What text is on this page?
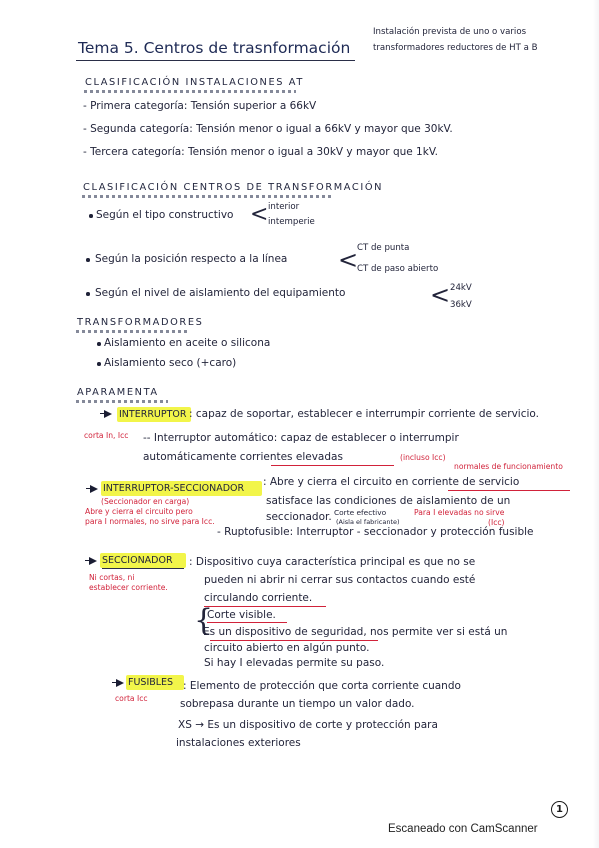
Tema 5. Centros de trasnformación
Instalación prevista de uno o varios
transformadores reductores de HT a B
CLASIFICACIÓN INSTALACIONES AT
- Primera categoría: Tensión superior a 66kV
- Segunda categoría: Tensión menor o igual a 66kV y mayor que 30kV.
- Tercera categoría: Tensión menor o igual a 30kV y mayor que 1kV.
CLASIFICACIÓN CENTROS DE TRANSFORMACIÓN
Según el tipo constructivo < interior
intemperie
Según la posición respecto a la línea <
CT de punta
CT de paso abierto
Según el nivel de aislamiento del equipamiento	< 24kV
36kV
TRANSFORMADORES
Aislamiento en aceite o silicona
Aislamiento seco (+caro)
APARAMENTA
INTERRUPTOR : capaz de soportar, establecer e interrumpir corriente de servicio.
corta In, Icc -- Interruptor automático: capaz de establecer o interrumpir
automáticamente corrientes elevadas	(incluso Icc)
normales de funcionamiento
INTERRUPTOR-SECCIONADOR
: Abre y cierra el circuito en corriente de servicio
(Seccionador en carga)	satisface las condiciones de aislamiento de un
Abre y cierra el circuito pero
para I normales, no sirve para Icc.	seccionador. Corte efectivo	Para I elevadas no sirve
(Aisla el fabricante)	(Icc)
- Ruptofusible: Interruptor - seccionador y protección fusible
SECCIONADOR : Dispositivo cuya característica principal es que no se
Ni cortas, ni
establecer corriente.
pueden ni abrir ni cerrar sus contactos cuando esté
circulando corriente.
{
Corte visible.
Es un dispositivo de seguridad, nos permite ver si está un
circuito abierto en algún punto.
Si hay I elevadas permite su paso.
FUSIBLES
corta Icc
: Elemento de protección que corta corriente cuando
sobrepasa durante un tiempo un valor dado.
XS → Es un dispositivo de corte y protección para
instalaciones exteriores
1
Escaneado con CamScanner
